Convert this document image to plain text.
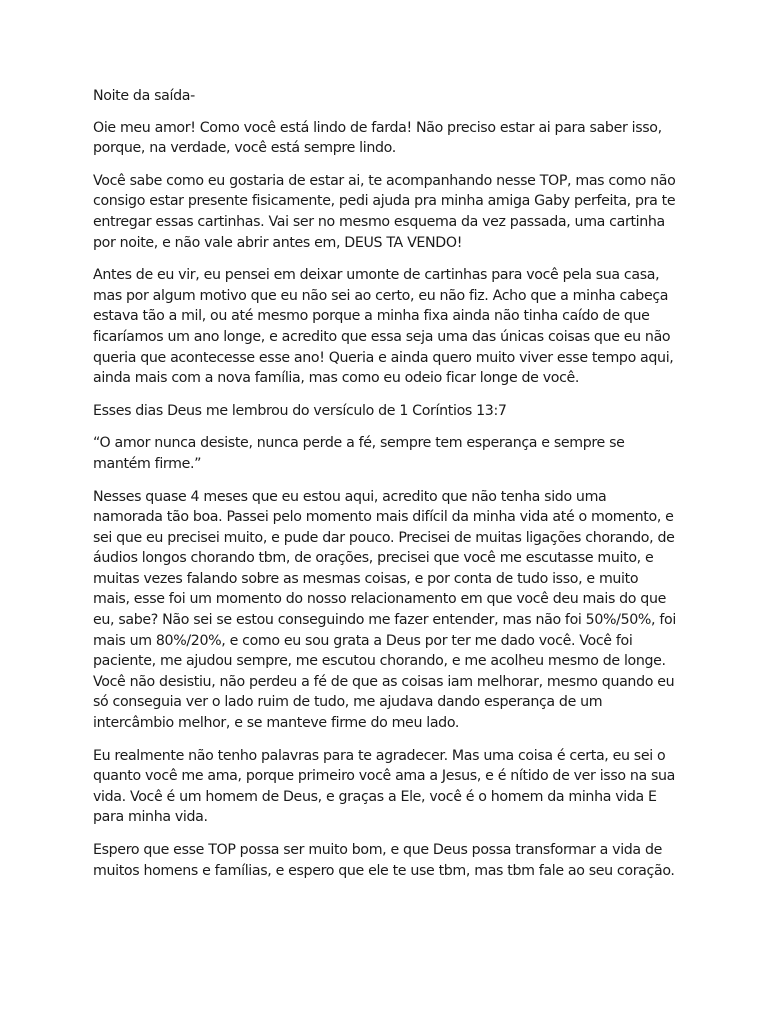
Noite da saída-

Oie meu amor! Como você está lindo de farda! Não preciso estar ai para saber isso, porque, na verdade, você está sempre lindo.

Você sabe como eu gostaria de estar ai, te acompanhando nesse TOP, mas como não consigo estar presente fisicamente, pedi ajuda pra minha amiga Gaby perfeita, pra te entregar essas cartinhas. Vai ser no mesmo esquema da vez passada, uma cartinha por noite, e não vale abrir antes em, DEUS TA VENDO!

Antes de eu vir, eu pensei em deixar umonte de cartinhas para você pela sua casa, mas por algum motivo que eu não sei ao certo, eu não fiz. Acho que a minha cabeça estava tão a mil, ou até mesmo porque a minha fixa ainda não tinha caído de que ficaríamos um ano longe, e acredito que essa seja uma das únicas coisas que eu não queria que acontecesse esse ano! Queria e ainda quero muito viver esse tempo aqui, ainda mais com a nova família, mas como eu odeio ficar longe de você.

Esses dias Deus me lembrou do versículo de 1 Coríntios 13:7

“O amor nunca desiste, nunca perde a fé, sempre tem esperança e sempre se mantém firme.”

Nesses quase 4 meses que eu estou aqui, acredito que não tenha sido uma namorada tão boa. Passei pelo momento mais difícil da minha vida até o momento, e sei que eu precisei muito, e pude dar pouco. Precisei de muitas ligações chorando, de áudios longos chorando tbm, de orações, precisei que você me escutasse muito, e muitas vezes falando sobre as mesmas coisas, e por conta de tudo isso, e muito mais, esse foi um momento do nosso relacionamento em que você deu mais do que eu, sabe? Não sei se estou conseguindo me fazer entender, mas não foi 50%/50%, foi mais um 80%/20%, e como eu sou grata a Deus por ter me dado você. Você foi paciente, me ajudou sempre, me escutou chorando, e me acolheu mesmo de longe. Você não desistiu, não perdeu a fé de que as coisas iam melhorar, mesmo quando eu só conseguia ver o lado ruim de tudo, me ajudava dando esperança de um intercâmbio melhor, e se manteve firme do meu lado.

Eu realmente não tenho palavras para te agradecer. Mas uma coisa é certa, eu sei o quanto você me ama, porque primeiro você ama a Jesus, e é nítido de ver isso na sua vida. Você é um homem de Deus, e graças a Ele, você é o homem da minha vida E para minha vida.

Espero que esse TOP possa ser muito bom, e que Deus possa transformar a vida de muitos homens e famílias, e espero que ele te use tbm, mas tbm fale ao seu coração.
